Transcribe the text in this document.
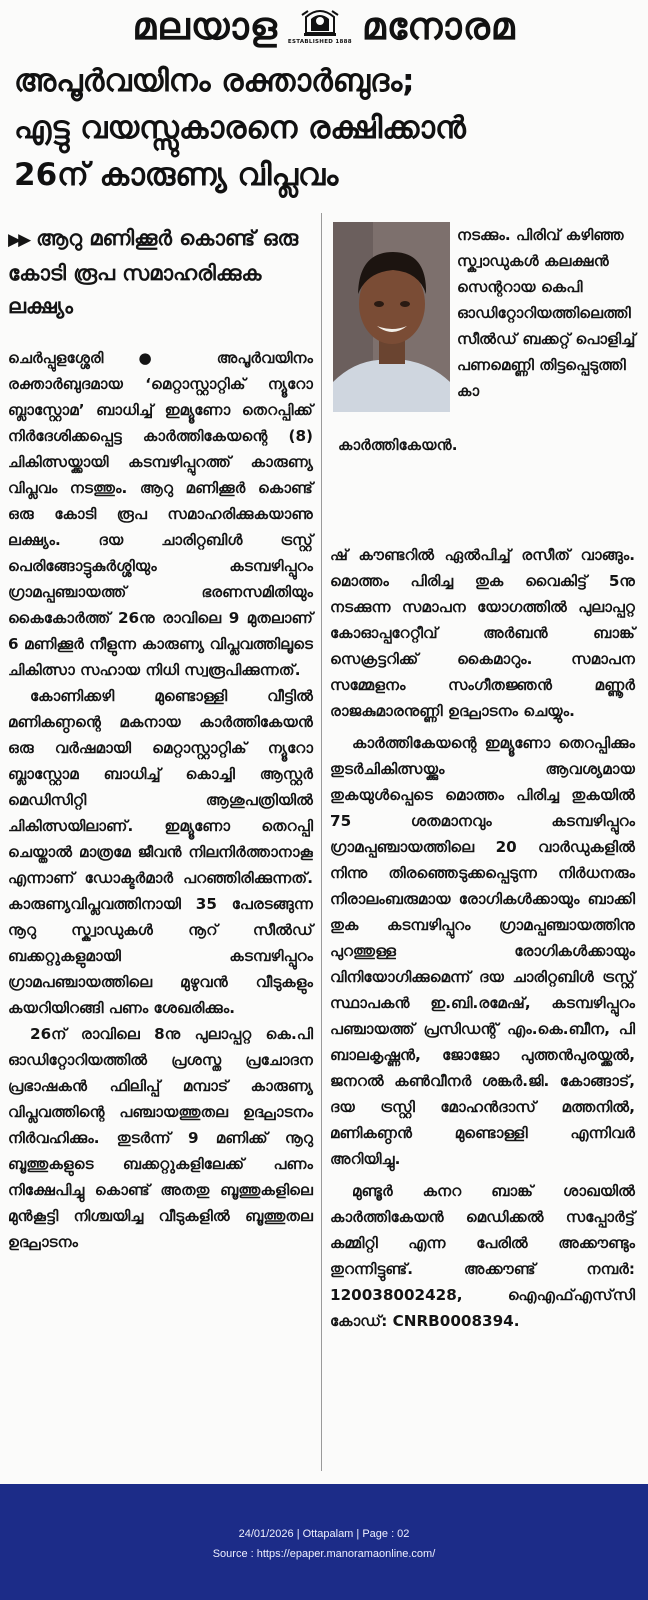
മലയാള ESTABLISHED 1888 മനോരമ
അപൂർവയിനം രക്താർബുദം;
എട്ടു വയസ്സുകാരനെ രക്ഷിക്കാൻ
26ന് കാരുണ്യ വിപ്ലവം
▶▶ ആറു മണിക്കൂർ കൊണ്ട് ഒരു കോടി രൂപ സമാഹരിക്കുക ലക്ഷ്യം

ചെർപ്പുളശ്ശേരി ● അപൂർവയിനം രക്താർബുദമായ ‘മെറ്റാസ്റ്റാറ്റിക് ന്യൂറോ ബ്ലാസ്റ്റോമ’ ബാധിച്ച് ഇമ്യൂണോ തെറപ്പിക്ക് നിർദേശിക്കപ്പെട്ട കാർത്തികേയന്റെ (8) ചികിത്സയ്ക്കായി കടമ്പഴിപ്പുറത്ത് കാരുണ്യ വിപ്ലവം നടത്തും. ആറു മണിക്കൂർ കൊണ്ട് ഒരു കോടി രൂപ സമാഹരിക്കുകയാണു ലക്ഷ്യം. ദയ ചാരിറ്റബിൾ ട്രസ്റ്റ് പെരിങ്ങോട്ടുകുർശ്ശിയും കടമ്പഴിപ്പുറം ഗ്രാമപ്പഞ്ചായത്ത് ഭരണസമിതിയും കൈകോർത്ത് 26നു രാവിലെ 9 മുതലാണ് 6 മണിക്കൂർ നീളുന്ന കാരുണ്യ വിപ്ലവത്തിലൂടെ ചികിത്സാ സഹായ നിധി സ്വരൂപിക്കുന്നത്.

കോണിക്കഴി മുണ്ടൊള്ളി വീട്ടിൽ മണികണ്ഠന്റെ മകനായ കാർത്തികേയൻ ഒരു വർഷമായി മെറ്റാസ്റ്റാറ്റിക് ന്യൂറോ ബ്ലാസ്റ്റോമ ബാധിച്ച് കൊച്ചി ആസ്റ്റർ മെഡിസിറ്റി ആശുപത്രിയിൽ ചികിത്സയിലാണ്. ഇമ്യൂണോ തെറപ്പി ചെയ്താൽ മാത്രമേ ജീവൻ നിലനിർത്താനാകൂ എന്നാണ് ഡോക്ടർമാർ പറഞ്ഞിരിക്കുന്നത്. കാരുണ്യവിപ്ലവത്തിനായി 35 പേരടങ്ങുന്ന നൂറു സ്ക്വാഡുകൾ നൂറ് സീൽഡ് ബക്കറ്റുകളുമായി കടമ്പഴിപ്പുറം ഗ്രാമപഞ്ചായത്തിലെ മുഴുവൻ വീടുകളും കയറിയിറങ്ങി പണം ശേഖരിക്കും.

26ന് രാവിലെ 8നു പുലാപ്പറ്റ കെ.പി ഓഡിറ്റോറിയത്തിൽ പ്രശസ്ത പ്രചോദന പ്രഭാഷകൻ ഫിലിപ്പ് മമ്പാട് കാരുണ്യ വിപ്ലവത്തിന്റെ പഞ്ചായത്തുതല ഉദ്ഘാടനം നിർവഹിക്കും. തുടർന്ന് 9 മണിക്ക് നൂറു ബൂത്തുകളുടെ ബക്കറ്റുകളിലേക്ക് പണം നിക്ഷേപിച്ചു കൊണ്ട് അതതു ബൂത്തുകളിലെ മുൻകൂട്ടി നിശ്ചയിച്ച വീടുകളിൽ ബൂത്തുതല ഉദ്ഘാടനം

നടക്കും. പിരിവ് കഴിഞ്ഞ സ്ക്വാഡുകൾ കലക്ഷൻ സെന്ററായ കെപി ഓഡിറ്റോറിയത്തിലെത്തി സീൽഡ് ബക്കറ്റ് പൊളിച്ച് പണമെണ്ണി തിട്ടപ്പെടുത്തി കാ

കാർത്തികേയൻ.

ഷ് കൗണ്ടറിൽ ഏൽപിച്ച് രസീത് വാങ്ങും. മൊത്തം പിരിച്ച തുക വൈകിട്ട് 5നു നടക്കുന്ന സമാപന യോഗത്തിൽ പുലാപ്പറ്റ കോഓപ്പറേറ്റീവ് അർബൻ ബാങ്ക് സെക്രട്ടറിക്ക് കൈമാറും. സമാപന സമ്മേളനം സംഗീതജ്ഞൻ മണ്ണൂർ രാജകുമാരനുണ്ണി ഉദ്ഘാടനം ചെയ്യും.

കാർത്തികേയന്റെ ഇമ്യൂണോ തെറപ്പിക്കും തുടർചികിത്സയ്ക്കും ആവശ്യമായ തുകയുൾപ്പെടെ മൊത്തം പിരിച്ച തുകയിൽ 75 ശതമാനവും കടമ്പഴിപ്പുറം ഗ്രാമപ്പഞ്ചായത്തിലെ 20 വാർഡുകളിൽ നിന്നു തിരഞ്ഞെടുക്കപ്പെടുന്ന നിർധനരും നിരാലംബരുമായ രോഗികൾക്കായും ബാക്കി തുക കടമ്പഴിപ്പുറം ഗ്രാമപ്പഞ്ചായത്തിനു പുറത്തുള്ള രോഗികൾക്കായും വിനിയോഗിക്കുമെന്ന് ദയ ചാരിറ്റബിൾ ട്രസ്റ്റ് സ്ഥാപകൻ ഇ.ബി.രമേഷ്, കടമ്പഴിപ്പുറം പഞ്ചായത്ത് പ്രസിഡന്റ് എം.കെ.ബീന, പി ബാലകൃഷ്ണൻ, ജോജോ പുത്തൻപുരയ്ക്കൽ, ജനറൽ കൺവീനർ ശങ്കർ.ജി. കോങ്ങാട്, ദയ ട്രസ്റ്റി മോഹൻദാസ് മത്തനിൽ, മണികണ്ഠൻ മുണ്ടൊള്ളി എന്നിവർ അറിയിച്ചു.

മുണ്ടൂർ കനറ ബാങ്ക് ശാഖയിൽ കാർത്തികേയൻ മെഡിക്കൽ സപ്പോർട്ട് കമ്മിറ്റി എന്ന പേരിൽ അക്കൗണ്ടും തുറന്നിട്ടുണ്ട്. അക്കൗണ്ട് നമ്പർ: 120038002428, ഐഎഫ്എസ്‌സി കോഡ്: CNRB0008394.

24/01/2026 | Ottapalam | Page : 02
Source : https://epaper.manoramaonline.com/
